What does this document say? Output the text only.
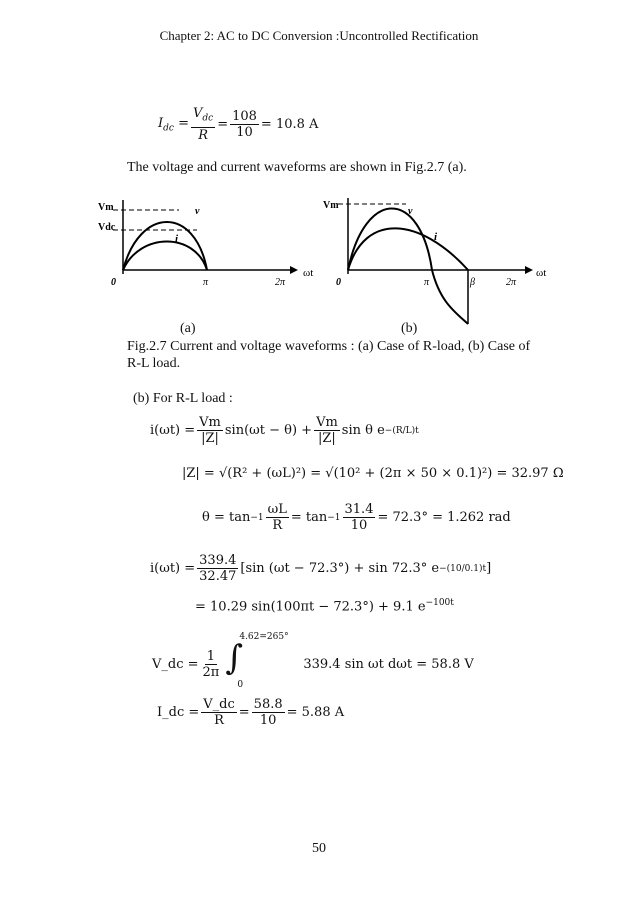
Chapter 2: AC to DC Conversion :Uncontrolled Rectification
$I_{dc} = \frac{V_{dc}}{R} = \frac{108}{10} = 10.8$ A
The voltage and current waveforms are shown in Fig.2.7 (a).
Vm
Vdc
v
i
0	π	2π
ωt
Vm
v
i
0	π	β	2π
ωt
(a)	(b)
Fig.2.7 Current and voltage waveforms : (a) Case of R-load, (b) Case of
R-L load.
(b) For R-L load :
$i(\omega t) = \frac{Vm}{|Z|} \sin(\omega t - \theta) + \frac{Vm}{|Z|}$ sin θ e −(R/L)t
|Z| = √(R² + (ωL)²) = √(10² + (2π × 50 × 0.1)²) = 32.97 Ω
$\theta = \tan -1 \frac{\omega L}{R} = \tan -1 \frac{31.4}{10} = 72.3^\circ = 1.262$ rad
$i(\omega t) = \frac{339.4}{32.47} [\sin$ (ωt − 72.3°) + sin 72.3° e −(10/0.1)t ]
= 10.29 sin(100πt − 72.3°) + 9.1 $e^{-100t}$
V_dc = $\frac{1}{2\pi}$ ∫
4.62=265°
0
339.4 sin ωt dωt = 58.8 V
I_dc = $\frac{V\_dc}{R} = \frac{58.8}{10} = 5.88$ A
50
